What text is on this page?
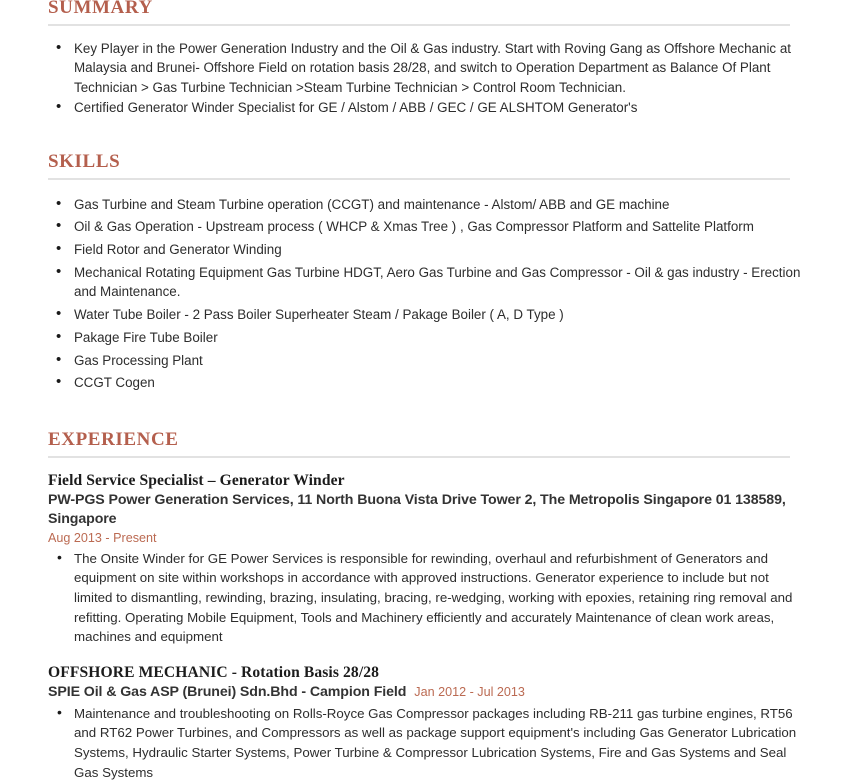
SUMMARY
• Key Player in the Power Generation Industry and the Oil & Gas industry. Start with Roving Gang as Offshore Mechanic at Malaysia and Brunei- Offshore Field on rotation basis 28/28, and switch to Operation Department as Balance Of Plant Technician > Gas Turbine Technician >Steam Turbine Technician > Control Room Technician.
• Certified Generator Winder Specialist for GE / Alstom / ABB / GEC / GE ALSHTOM Generator's
SKILLS
• Gas Turbine and Steam Turbine operation (CCGT) and maintenance - Alstom/ ABB and GE machine
• Oil & Gas Operation - Upstream process ( WHCP & Xmas Tree ) , Gas Compressor Platform and Sattelite Platform
• Field Rotor and Generator Winding
• Mechanical Rotating Equipment Gas Turbine HDGT, Aero Gas Turbine and Gas Compressor - Oil & gas industry - Erection and Maintenance.
• Water Tube Boiler - 2 Pass Boiler Superheater Steam / Pakage Boiler ( A, D Type )
• Pakage Fire Tube Boiler
• Gas Processing Plant
• CCGT Cogen
EXPERIENCE
Field Service Specialist – Generator Winder
PW-PGS Power Generation Services, 11 North Buona Vista Drive Tower 2, The Metropolis Singapore 01 138589, Singapore
Aug 2013 - Present
• The Onsite Winder for GE Power Services is responsible for rewinding, overhaul and refurbishment of Generators and equipment on site within workshops in accordance with approved instructions. Generator experience to include but not limited to dismantling, rewinding, brazing, insulating, bracing, re-wedging, working with epoxies, retaining ring removal and refitting. Operating Mobile Equipment, Tools and Machinery efficiently and accurately Maintenance of clean work areas, machines and equipment
OFFSHORE MECHANIC - Rotation Basis 28/28
SPIE Oil & Gas ASP (Brunei) Sdn.Bhd - Campion Field Jan 2012 - Jul 2013
• Maintenance and troubleshooting on Rolls-Royce Gas Compressor packages including RB-211 gas turbine engines, RT56 and RT62 Power Turbines, and Compressors as well as package support equipment's including Gas Generator Lubrication Systems, Hydraulic Starter Systems, Power Turbine & Compressor Lubrication Systems, Fire and Gas Systems and Seal Gas Systems
